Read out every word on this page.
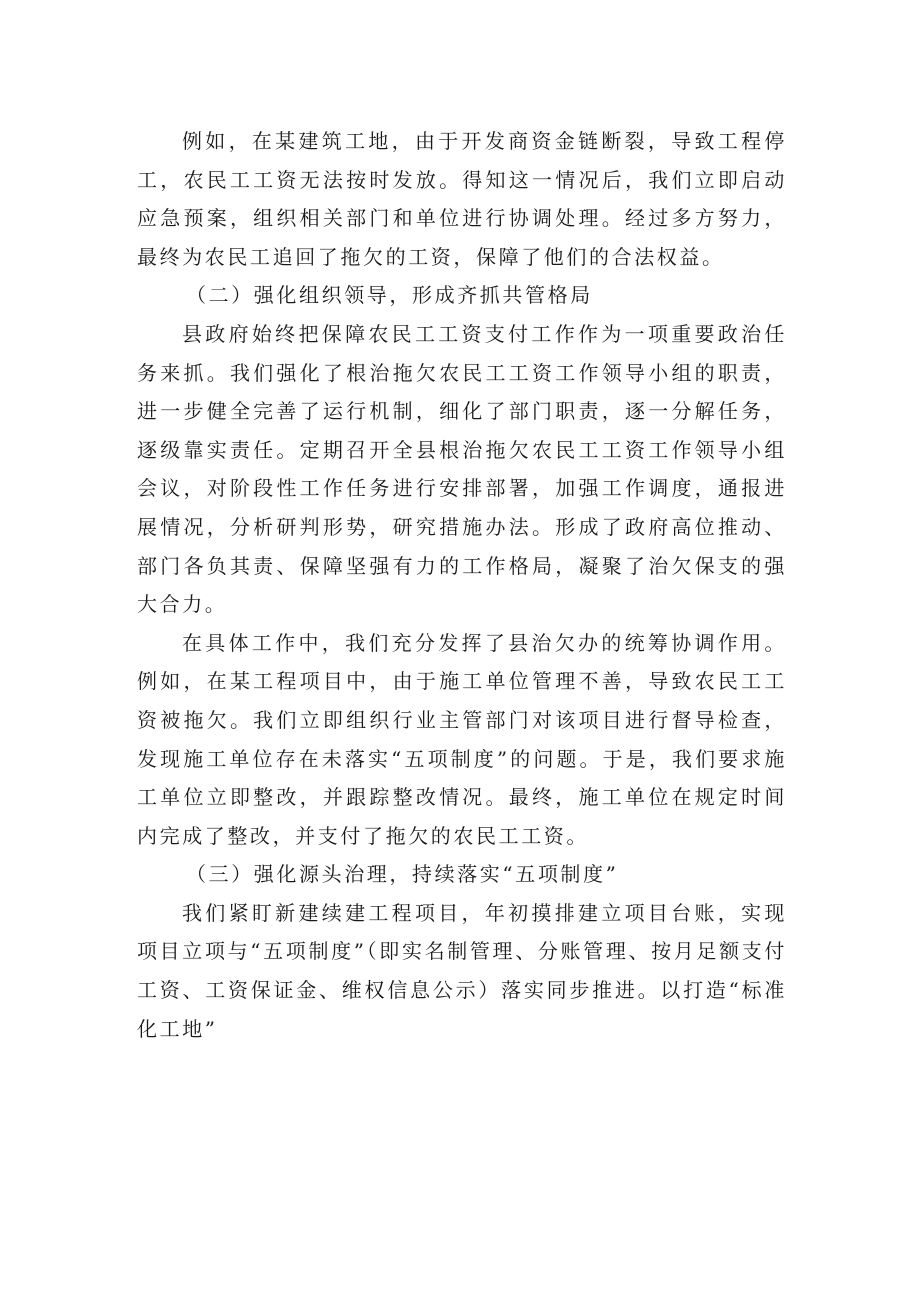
例如，在某建筑工地，由于开发商资金链断裂，导致工程停工，农民工工资无法按时发放。得知这一情况后，我们立即启动应急预案，组织相关部门和单位进行协调处理。经过多方努力，最终为农民工追回了拖欠的工资，保障了他们的合法权益。

（二）强化组织领导，形成齐抓共管格局

县政府始终把保障农民工工资支付工作作为一项重要政治任务来抓。我们强化了根治拖欠农民工工资工作领导小组的职责，进一步健全完善了运行机制，细化了部门职责，逐一分解任务，逐级靠实责任。定期召开全县根治拖欠农民工工资工作领导小组会议，对阶段性工作任务进行安排部署，加强工作调度，通报进展情况，分析研判形势，研究措施办法。形成了政府高位推动、部门各负其责、保障坚强有力的工作格局，凝聚了治欠保支的强大合力。

在具体工作中，我们充分发挥了县治欠办的统筹协调作用。例如，在某工程项目中，由于施工单位管理不善，导致农民工工资被拖欠。我们立即组织行业主管部门对该项目进行督导检查，发现施工单位存在未落实“五项制度”的问题。于是，我们要求施工单位立即整改，并跟踪整改情况。最终，施工单位在规定时间内完成了整改，并支付了拖欠的农民工工资。

（三）强化源头治理，持续落实“五项制度”

我们紧盯新建续建工程项目，年初摸排建立项目台账，实现项目立项与“五项制度”（即实名制管理、分账管理、按月足额支付工资、工资保证金、维权信息公示）落实同步推进。以打造“标准化工地”
